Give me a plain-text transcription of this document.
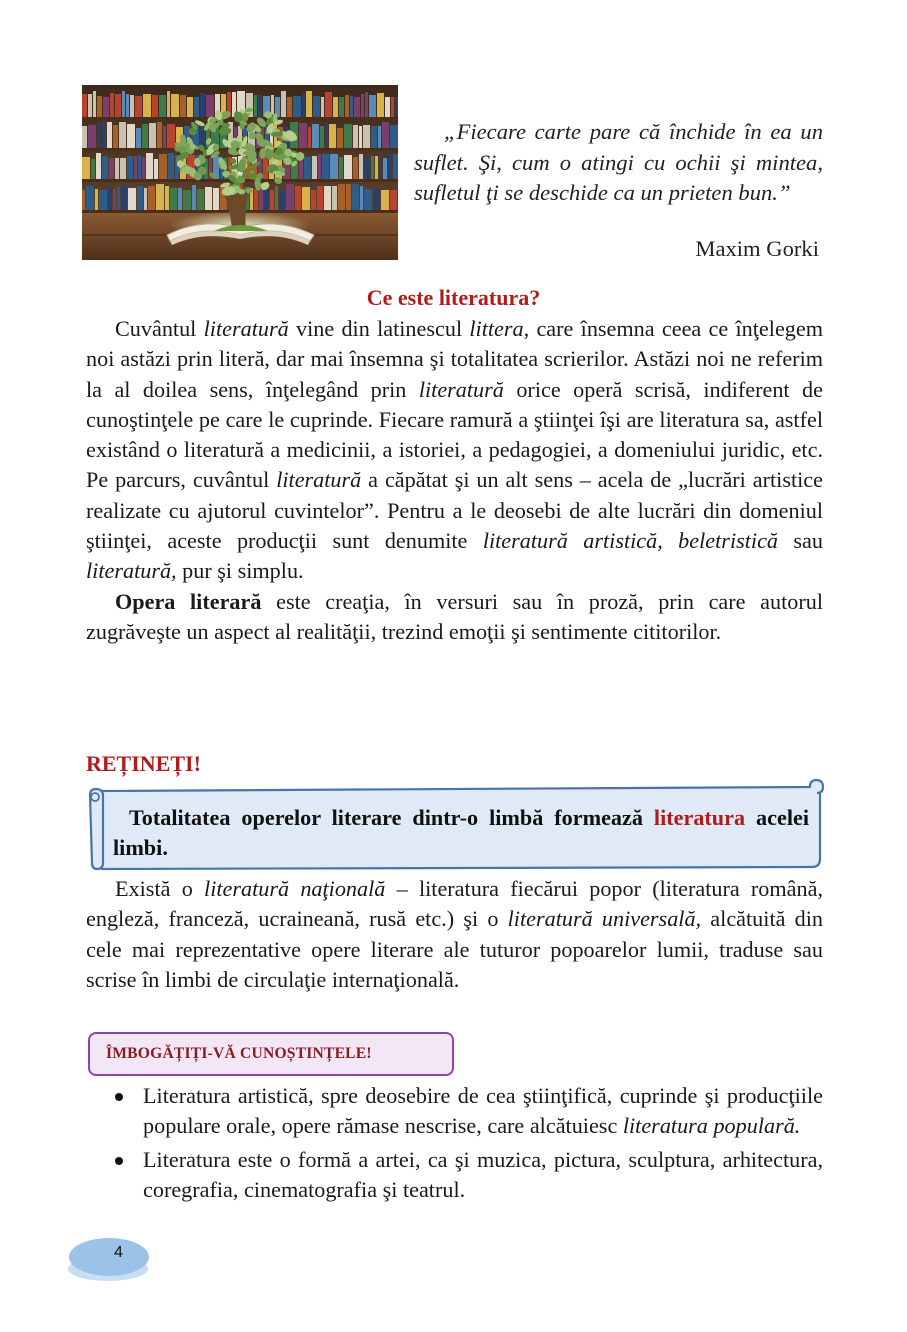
„Fiecare carte pare că închide în ea un suflet. Şi, cum o atingi cu ochii şi mintea, sufletul ţi se deschide ca un prieten bun.”
Maxim Gorki
Ce este literatura?

Cuvântul literatură vine din latinescul littera, care însemna ceea ce înţelegem noi astăzi prin literă, dar mai însemna şi totalitatea scrierilor. Astăzi noi ne referim la al doilea sens, înţelegând prin literatură orice operă scrisă, indiferent de cunoştinţele pe care le cuprinde. Fiecare ramură a ştiinţei îşi are literatura sa, astfel existând o literatură a medicinii, a istoriei, a pedagogiei, a domeniului juridic, etc. Pe parcurs, cuvântul literatură a căpătat şi un alt sens – acela de „lucrări artistice realizate cu ajutorul cuvintelor”. Pentru a le deosebi de alte lucrări din domeniul ştiinţei, aceste producţii sunt denumite literatură artistică, beletristică sau literatură, pur şi simplu.

Opera literară este creaţia, în versuri sau în proză, prin care autorul zugrăveşte un aspect al realităţii, trezind emoţii şi sentimente cititorilor.

REȚINEȚI!
Totalitatea operelor literare dintr-o limbă formează literatura acelei limbi.

Există o literatură naţională – literatura fiecărui popor (literatura română, engleză, franceză, ucraineană, rusă etc.) şi o literatură universală, alcătuită din cele mai reprezentative opere literare ale tuturor popoarelor lumii, traduse sau scrise în limbi de circulaţie internaţională.

ÎMBOGĂȚIȚI-VĂ CUNOȘTINȚELE!
Literatura artistică, spre deosebire de cea ştiinţifică, cuprinde şi producţiile populare orale, opere rămase nescrise, care alcătuiesc literatura populară.
Literatura este o formă a artei, ca şi muzica, pictura, sculptura, arhitectura, coregrafia, cinematografia şi teatrul.
4
